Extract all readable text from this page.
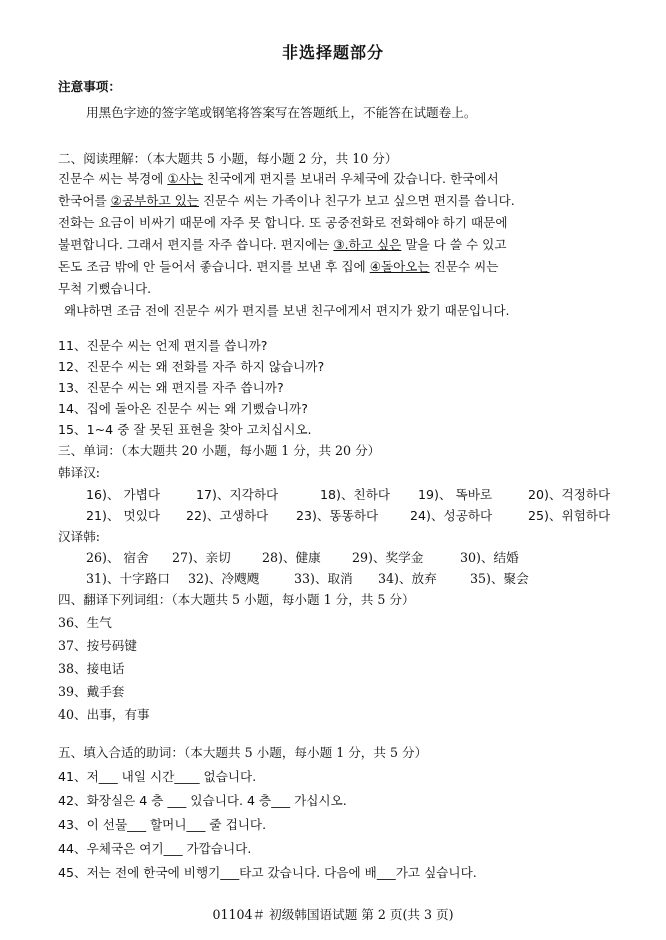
非选择题部分
注意事项：
用黑色字迹的签字笔或钢笔将答案写在答题纸上，不能答在试题卷上。
二、阅读理解：（本大题共 5 小题，每小题 2 分，共 10 分）
진문수 씨는 북경에 ①사는 친국에게 편지를 보내러 우체국에 갔습니다. 한국에서
한국어를 ②공부하고 있는 진문수 씨는 가족이나 친구가 보고 싶으면 편지를 씁니다.
전화는 요금이 비싸기 때문에 자주 못 합니다. 또 공중전화로 전화해야 하기 때문에
불편합니다. 그래서 편지를 자주 씁니다. 편지에는 ③.하고 싶은 말을 다 쓸 수 있고
돈도 조금 밖에 안 들어서 좋습니다. 편지를 보낸 후 집에 ④돌아오는 진문수 씨는
무척 기뻤습니다.
왜냐하면 조금 전에 진문수 씨가 편지를 보낸 친구에게서 편지가 왔기 때문입니다.
11、진문수 씨는 언제 편지를 씁니까?
12、진문수 씨는 왜 전화를 자주 하지 않습니까?
13、진문수 씨는 왜 편지를 자주 씁니까?
14、집에 돌아온 진문수 씨는 왜 기뻤습니까?
15、1~4 중 잘 못된 표현을 찾아 고치십시오.
三、单词：（本大题共 20 小题，每小题 1 分，共 20 分）
韩译汉:
16)、 가볍다	17)、지각하다	18)、친하다 19)、 똑바로	20)、걱정하다
21)、 멋있다 22)、고생하다 23)、똥똥하다	24)、성공하다	25)、위험하다
汉译韩:
26)、 宿舍 27)、亲切 28)、健康 29)、奖学金	30)、结婚
31)、十字路口 32)、冷飕飕	33)、取消 34)、放弃	35)、聚会
四、翻译下列词组：（本大题共 5 小题，每小题 1 分，共 5 分）
36、生气
37、按号码键
38、接电话
39、戴手套
40、出事，有事
五、填入合适的助词：（本大题共 5 小题，每小题 1 分，共 5 分）
41、저___ 내일 시간____ 없습니다.
42、화장실은 4 층 ___ 있습니다. 4 층___ 가십시오.
43、이 선물___ 할머니___ 줄 겁니다.
44、우체국은 여기___ 가깝습니다.
45、저는 전에 한국에 비행기___타고 갔습니다. 다음에 배___가고 싶습니다.
01104＃ 初级韩国语试题 第 2 页(共 3 页)
